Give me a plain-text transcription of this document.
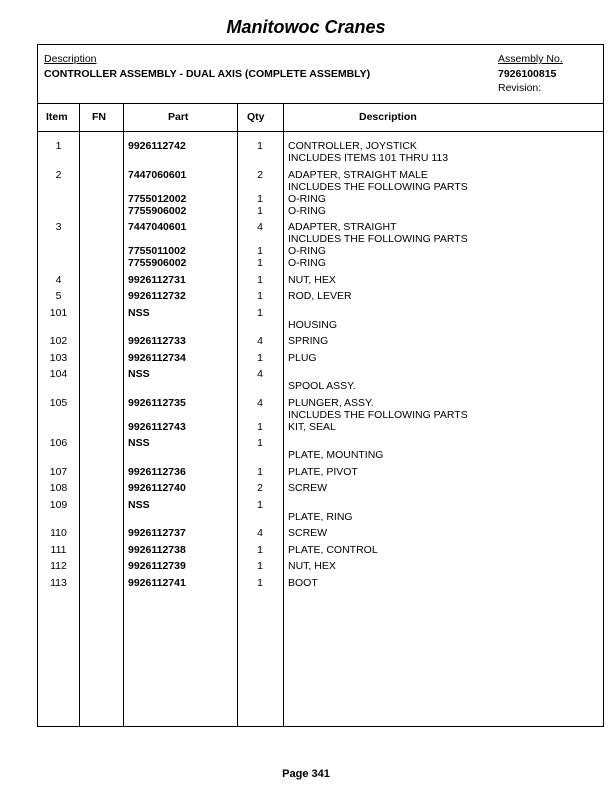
Manitowoc Cranes
Description
CONTROLLER ASSEMBLY - DUAL AXIS (COMPLETE ASSEMBLY)
Assembly No.
7926100815
Revision:
Item FN	Part	Qty	Description
1	9926112742	1	CONTROLLER, JOYSTICK
INCLUDES ITEMS 101 THRU 113
2	7447060601	2	ADAPTER, STRAIGHT MALE
INCLUDES THE FOLLOWING PARTS
7755012002	1	O-RING
7755906002	1	O-RING
3	7447040601	4	ADAPTER, STRAIGHT
INCLUDES THE FOLLOWING PARTS
7755011002	1	O-RING
7755906002	1	O-RING
4	9926112731	1	NUT, HEX
5	9926112732	1	ROD, LEVER
101	NSS	1
HOUSING
102	9926112733	4	SPRING
103	9926112734	1	PLUG
104	NSS	4
SPOOL ASSY.
105	9926112735	4	PLUNGER, ASSY.
INCLUDES THE FOLLOWING PARTS
9926112743	1	KIT, SEAL
106	NSS	1
PLATE, MOUNTING
107	9926112736	1	PLATE, PIVOT
108	9926112740	2	SCREW
109	NSS	1
PLATE, RING
110	9926112737	4	SCREW
111	9926112738	1	PLATE, CONTROL
112	9926112739	1	NUT, HEX
113	9926112741	1	BOOT
Page 341
